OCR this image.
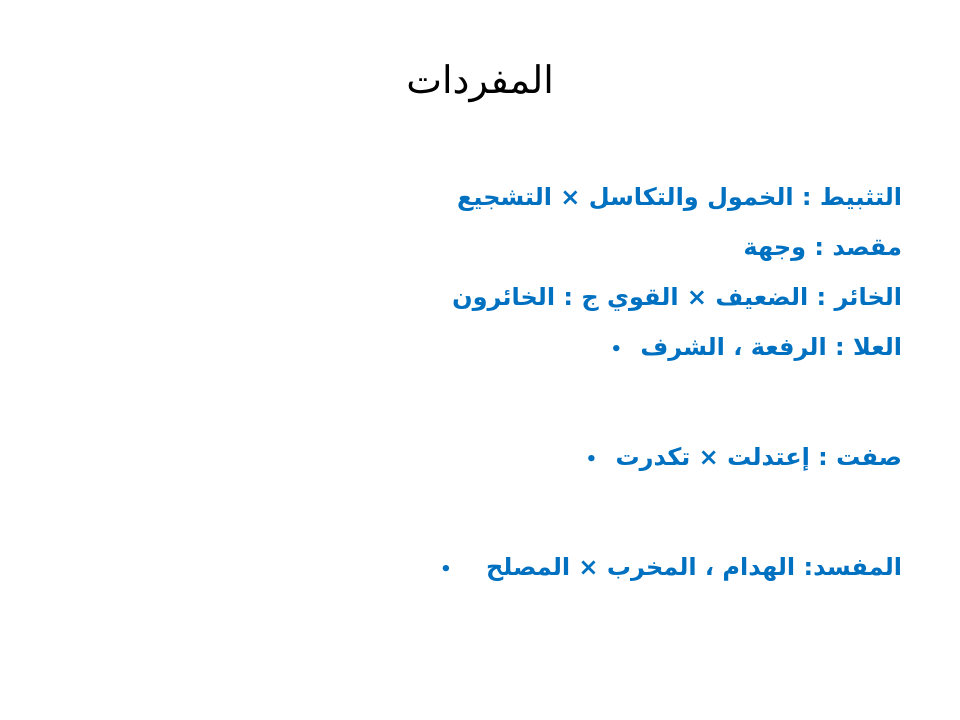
المفردات
التثبيط : الخمول والتكاسل × التشجيع
مقصد : وجهة
الخائر : الضعيف × القوي ج : الخائرون
العلا : الرفعة ، الشرف •
صفت : إعتدلت × تكدرت •
المفسد: الهدام ، المخرب × المصلح •
